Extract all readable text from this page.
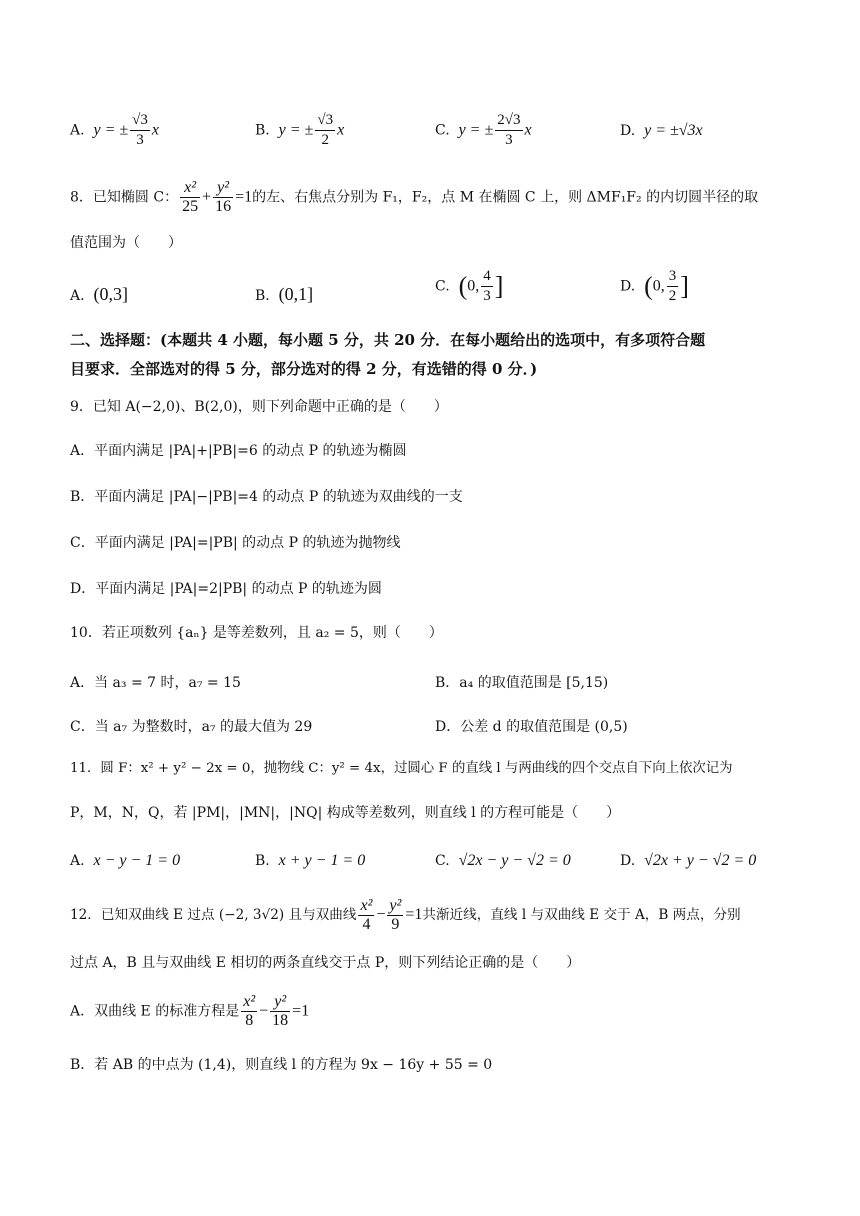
A. y = ± $\frac{√3}{3}$ x	B. y = ± $\frac{√3}{2}$ x	C. y = ± $\frac{2√3}{3}$ x	D. y = ±√3x
8．已知椭圆 C： $\frac{\text{x²}}{25} + \frac{\text{y²}}{16} =1$的左、右焦点分别为 F₁，F₂，点 M 在椭圆 C 上，则 ΔMF₁F₂ 的内切圆半径的取
值范围为（　　）
A. (0,3]	B. (0,1]	C. (0, $\frac{4}{3}$ ]	D. (0, $\frac{3}{2}$ ]
二、选择题：(本题共 4 小题，每小题 5 分，共 20 分．在每小题给出的选项中，有多项符合题
目要求．全部选对的得 5 分，部分选对的得 2 分，有选错的得 0 分．)
9．已知 A(−2,0)、B(2,0)，则下列命题中正确的是（　　）
A．平面内满足 |PA|+|PB|=6 的动点 P 的轨迹为椭圆
B．平面内满足 |PA|−|PB|=4 的动点 P 的轨迹为双曲线的一支
C．平面内满足 |PA|=|PB| 的动点 P 的轨迹为抛物线
D．平面内满足 |PA|=2|PB| 的动点 P 的轨迹为圆
10．若正项数列 {aₙ} 是等差数列，且 a₂ = 5，则（　　）
A．当 a₃ = 7 时，a₇ = 15	B．a₄ 的取值范围是 [5,15)
C．当 a₇ 为整数时，a₇ 的最大值为 29	D．公差 d 的取值范围是 (0,5)
11．圆 F：x² + y² − 2x = 0，抛物线 C：y² = 4x，过圆心 F 的直线 l 与两曲线的四个交点自下向上依次记为
P，M，N，Q，若 |PM|，|MN|，|NQ| 构成等差数列，则直线 l 的方程可能是（　　）
A. x − y − 1 = 0	B. x + y − 1 = 0	C. √2x − y − √2 = 0	D. √2x + y − √2 = 0
12．已知双曲线 E 过点 (−2, 3√2) 且与双曲线 $\frac{\text{x²}}{4} - \frac{\text{y²}}{9} =1$共渐近线，直线 l 与双曲线 E 交于 A，B 两点，分别
过点 A，B 且与双曲线 E 相切的两条直线交于点 P，则下列结论正确的是（　　）
A．双曲线 E 的标准方程是 $\frac{\text{x²}}{8} - \frac{\text{y²}}{18} =1$
B．若 AB 的中点为 (1,4)，则直线 l 的方程为 9x − 16y + 55 = 0
